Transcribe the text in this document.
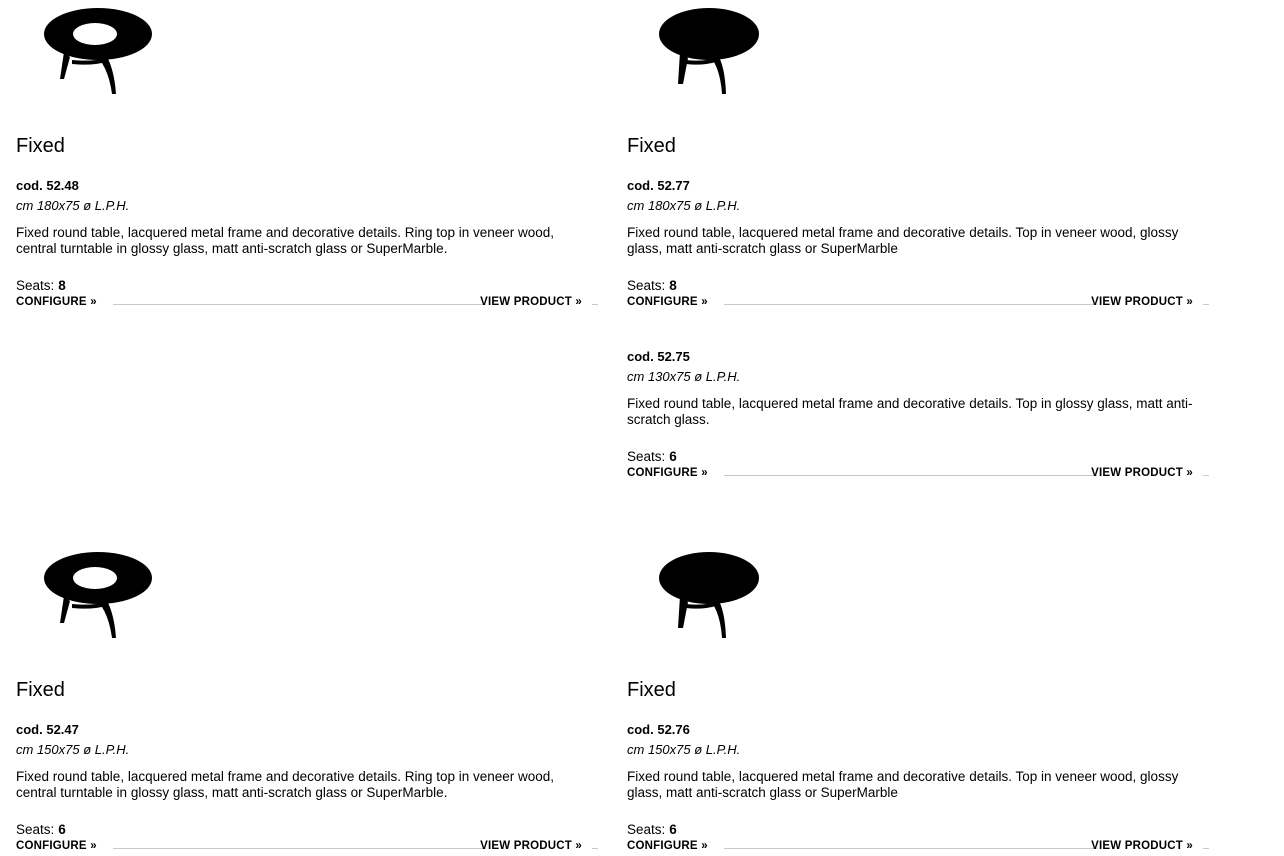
Fixed
cod. 52.48
cm 180x75 ø L.P.H.
Fixed round table, lacquered metal frame and decorative details. Ring top in veneer wood, central turntable in glossy glass, matt anti-scratch glass or SuperMarble.
Seats: 8
CONFIGURE »	VIEW PRODUCT »
Fixed
cod. 52.77
cm 180x75 ø L.P.H.
Fixed round table, lacquered metal frame and decorative details. Top in veneer wood, glossy glass, matt anti-scratch glass or SuperMarble
Seats: 8
CONFIGURE »	VIEW PRODUCT »
cod. 52.75
cm 130x75 ø L.P.H.
Fixed round table, lacquered metal frame and decorative details. Top in glossy glass, matt anti-scratch glass.
Seats: 6
CONFIGURE »	VIEW PRODUCT »
Fixed
cod. 52.47
cm 150x75 ø L.P.H.
Fixed round table, lacquered metal frame and decorative details. Ring top in veneer wood, central turntable in glossy glass, matt anti-scratch glass or SuperMarble.
Seats: 6
CONFIGURE »	VIEW PRODUCT »
Fixed
cod. 52.76
cm 150x75 ø L.P.H.
Fixed round table, lacquered metal frame and decorative details. Top in veneer wood, glossy glass, matt anti-scratch glass or SuperMarble
Seats: 6
CONFIGURE »	VIEW PRODUCT »
